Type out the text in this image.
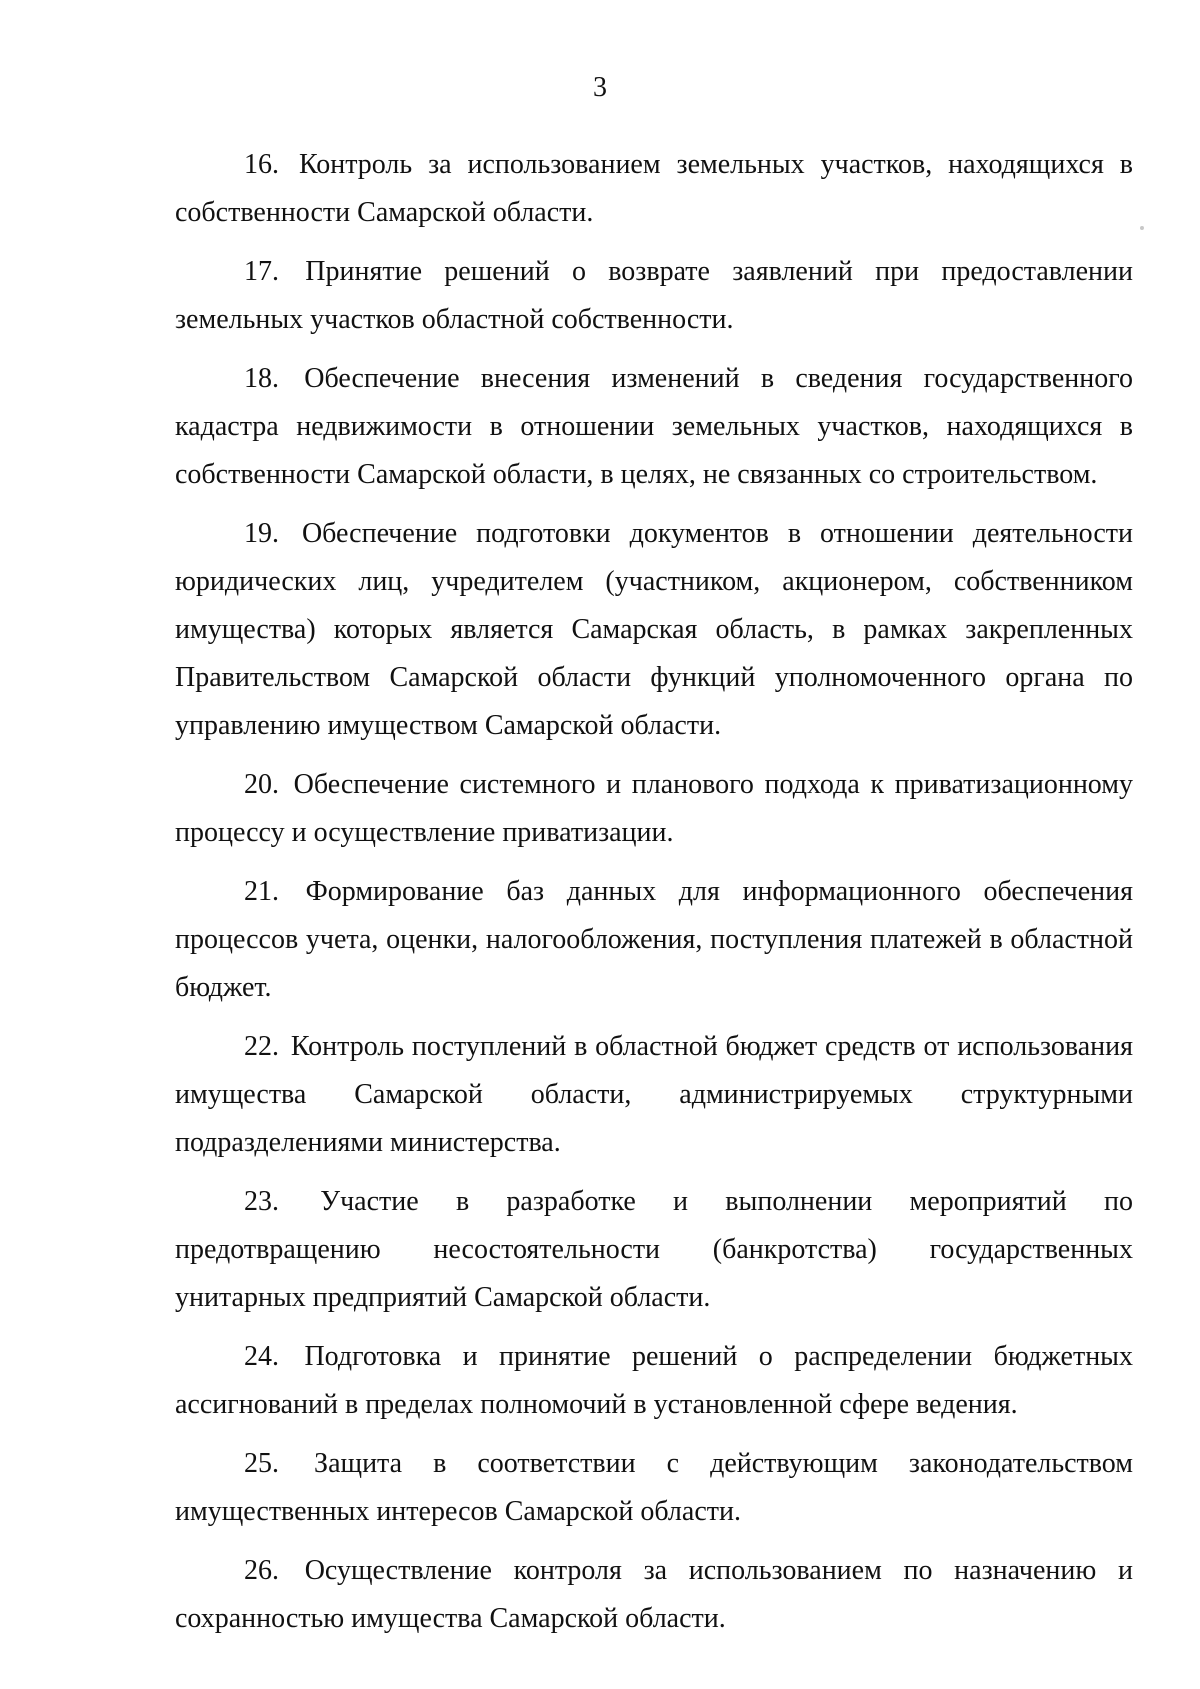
3

16. Контроль за использованием земельных участков, находящихся в собственности Самарской области.

17. Принятие решений о возврате заявлений при предоставлении земельных участков областной собственности.

18. Обеспечение внесения изменений в сведения государственного кадастра недвижимости в отношении земельных участков, находящихся в собственности Самарской области, в целях, не связанных со строительством.

19. Обеспечение подготовки документов в отношении деятельности юридических лиц, учредителем (участником, акционером, собственником имущества) которых является Самарская область, в рамках закрепленных Правительством Самарской области функций уполномоченного органа по управлению имуществом Самарской области.

20. Обеспечение системного и планового подхода к приватизационному процессу и осуществление приватизации.

21. Формирование баз данных для информационного обеспечения процессов учета, оценки, налогообложения, поступления платежей в областной бюджет.

22. Контроль поступлений в областной бюджет средств от использования имущества Самарской области, администрируемых структурными подразделениями министерства.

23. Участие в разработке и выполнении мероприятий по предотвращению несостоятельности (банкротства) государственных унитарных предприятий Самарской области.

24. Подготовка и принятие решений о распределении бюджетных ассигнований в пределах полномочий в установленной сфере ведения.

25. Защита в соответствии с действующим законодательством имущественных интересов Самарской области.

26. Осуществление контроля за использованием по назначению и сохранностью имущества Самарской области.
